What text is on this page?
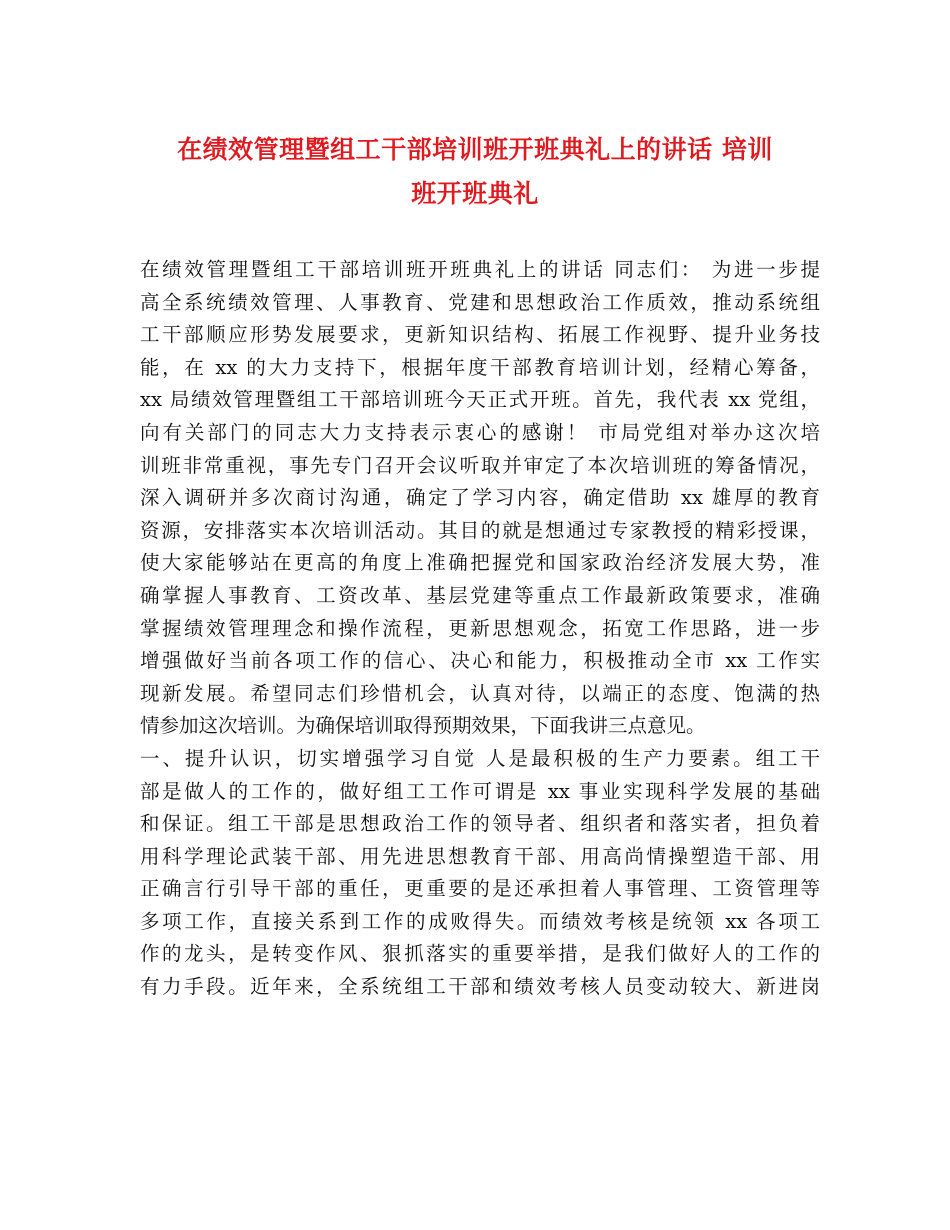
在绩效管理暨组工干部培训班开班典礼上的讲话 培训
班开班典礼
在绩效管理暨组工干部培训班开班典礼上的讲话 同志们： 为进一步提
高全系统绩效管理、人事教育、党建和思想政治工作质效，推动系统组
工干部顺应形势发展要求，更新知识结构、拓展工作视野、提升业务技
能，在 xx 的大力支持下，根据年度干部教育培训计划，经精心筹备，
xx 局绩效管理暨组工干部培训班今天正式开班。首先，我代表 xx 党组，
向有关部门的同志大力支持表示衷心的感谢！ 市局党组对举办这次培
训班非常重视，事先专门召开会议听取并审定了本次培训班的筹备情况，
深入调研并多次商讨沟通，确定了学习内容，确定借助 xx 雄厚的教育
资源，安排落实本次培训活动。其目的就是想通过专家教授的精彩授课，
使大家能够站在更高的角度上准确把握党和国家政治经济发展大势，准
确掌握人事教育、工资改革、基层党建等重点工作最新政策要求，准确
掌握绩效管理理念和操作流程，更新思想观念，拓宽工作思路，进一步
增强做好当前各项工作的信心、决心和能力，积极推动全市 xx 工作实
现新发展。希望同志们珍惜机会，认真对待，以端正的态度、饱满的热
情参加这次培训。为确保培训取得预期效果，下面我讲三点意见。
一、提升认识，切实增强学习自觉 人是最积极的生产力要素。组工干
部是做人的工作的，做好组工工作可谓是 xx 事业实现科学发展的基础
和保证。组工干部是思想政治工作的领导者、组织者和落实者，担负着
用科学理论武装干部、用先进思想教育干部、用高尚情操塑造干部、用
正确言行引导干部的重任，更重要的是还承担着人事管理、工资管理等
多项工作，直接关系到工作的成败得失。而绩效考核是统领 xx 各项工
作的龙头，是转变作风、狠抓落实的重要举措，是我们做好人的工作的
有力手段。近年来，全系统组工干部和绩效考核人员变动较大、新进岗
